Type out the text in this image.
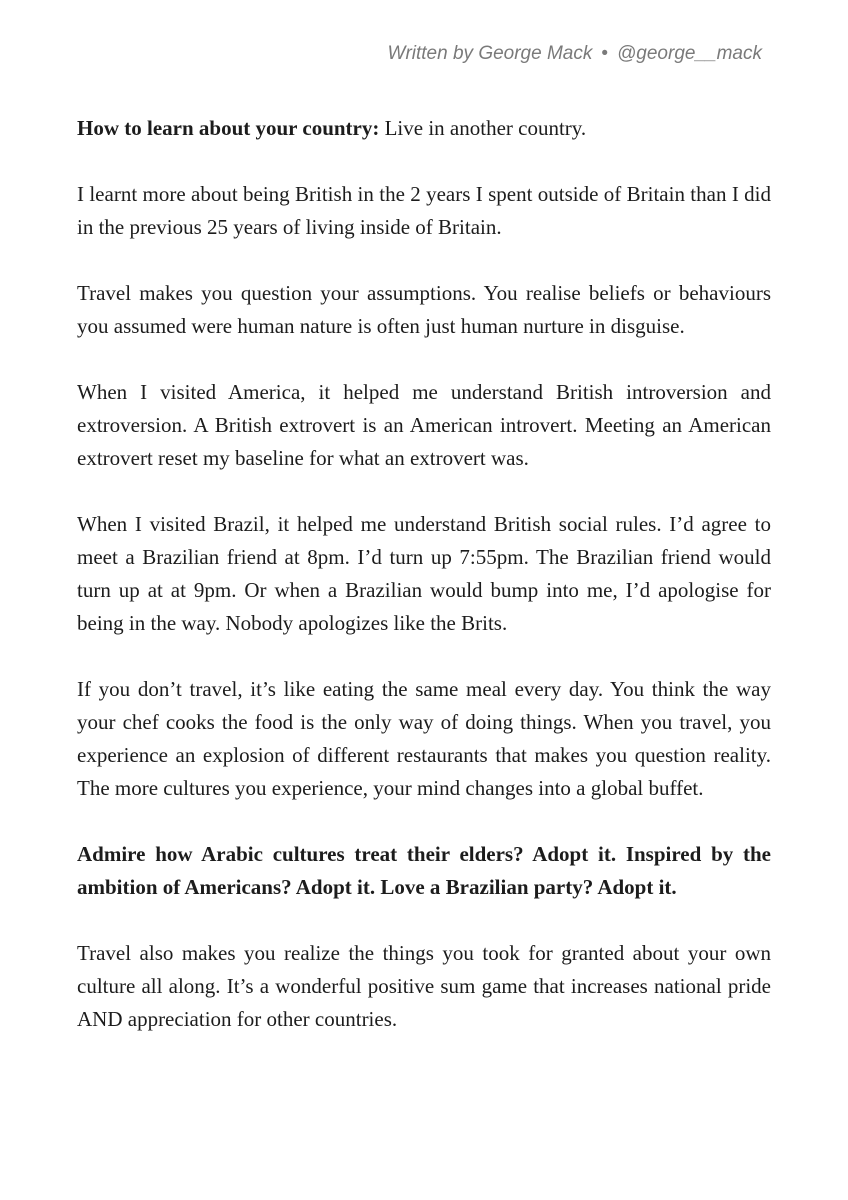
Written by George Mack • @george__mack

How to learn about your country: Live in another country.

I learnt more about being British in the 2 years I spent outside of Britain than I did in the previous 25 years of living inside of Britain.

Travel makes you question your assumptions. You realise beliefs or behaviours you assumed were human nature is often just human nurture in disguise.

When I visited America, it helped me understand British introversion and extroversion. A British extrovert is an American introvert. Meeting an American extrovert reset my baseline for what an extrovert was.

When I visited Brazil, it helped me understand British social rules. I’d agree to meet a Brazilian friend at 8pm. I’d turn up 7:55pm. The Brazilian friend would turn up at at 9pm. Or when a Brazilian would bump into me, I’d apologise for being in the way. Nobody apologizes like the Brits.

If you don’t travel, it’s like eating the same meal every day. You think the way your chef cooks the food is the only way of doing things. When you travel, you experience an explosion of different restaurants that makes you question reality. The more cultures you experience, your mind changes into a global buffet.

Admire how Arabic cultures treat their elders? Adopt it. Inspired by the ambition of Americans? Adopt it. Love a Brazilian party? Adopt it.

Travel also makes you realize the things you took for granted about your own culture all along. It’s a wonderful positive sum game that increases national pride AND appreciation for other countries.
